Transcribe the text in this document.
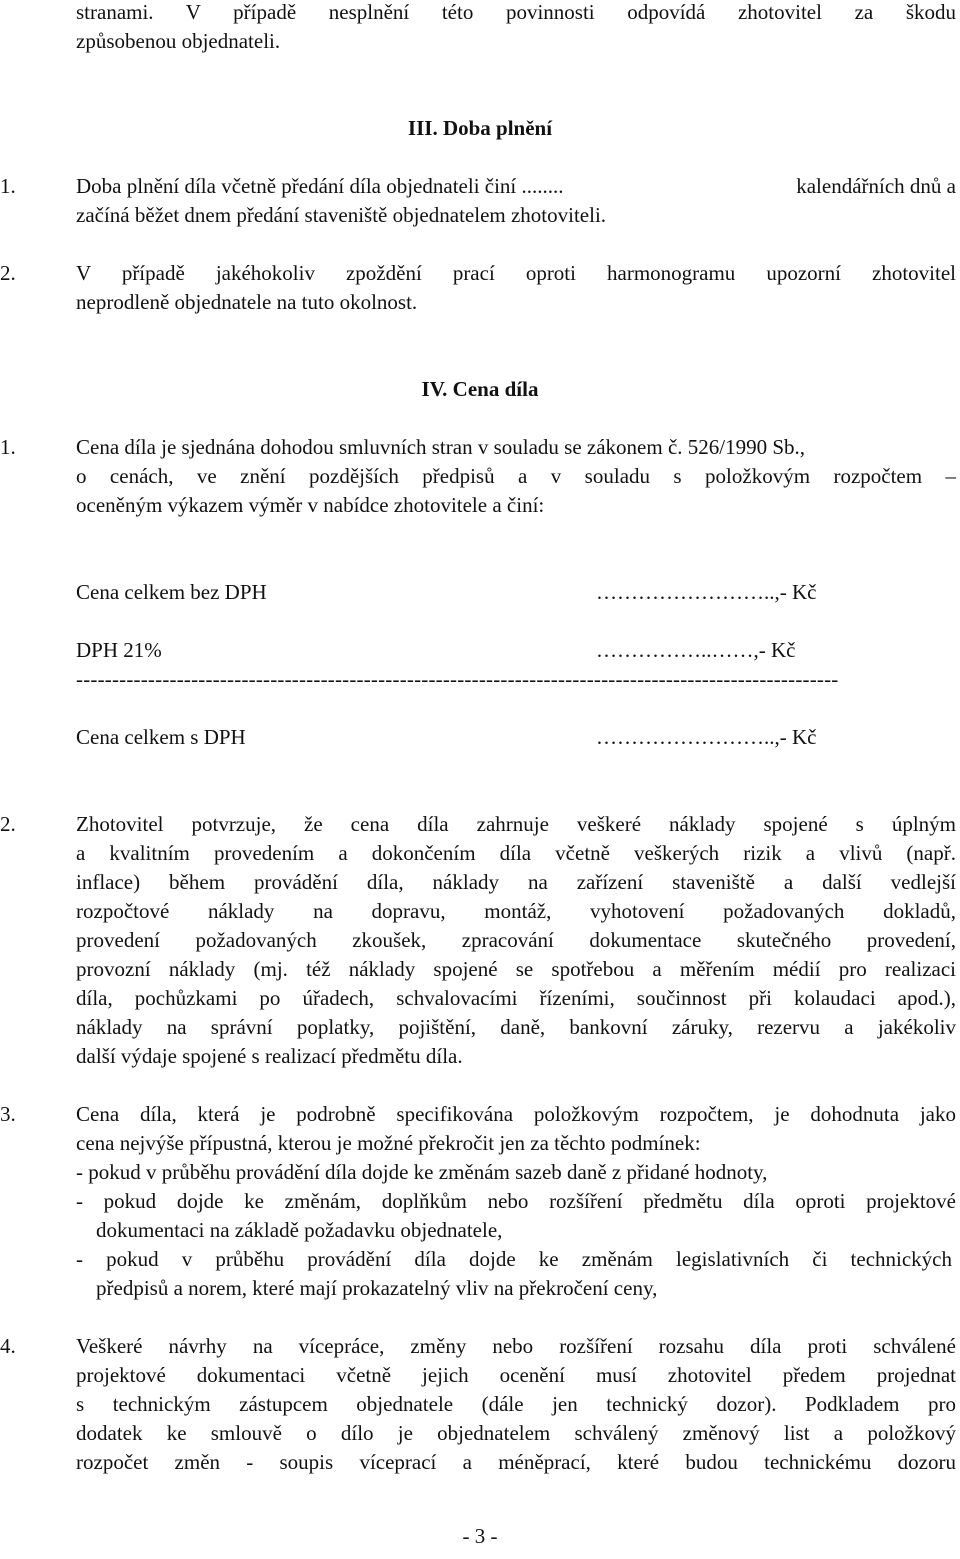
stranami. V případě nesplnění této povinnosti odpovídá zhotovitel za škodu
způsobenou objednateli.
III. Doba plnění
1.	Doba plnění díla včetně předání díla objednateli činí ........	kalendářních dnů a
začíná běžet dnem předání staveniště objednatelem zhotoviteli.
2.	V případě jakéhokoliv zpoždění prací oproti harmonogramu upozorní zhotovitel
neprodleně objednatele na tuto okolnost.
IV. Cena díla
1.	Cena díla je sjednána dohodou smluvních stran v souladu se zákonem č. 526/1990 Sb.,
o cenách, ve znění pozdějších předpisů a v souladu s položkovým rozpočtem –
oceněným výkazem výměr v nabídce zhotovitele a činí:
Cena celkem bez DPH	……………………..,- Kč
DPH 21%	……………..……,- Kč
----------------------------------------------------------------------------------------------------------
Cena celkem s DPH	……………………..,- Kč
2.	Zhotovitel potvrzuje, že cena díla zahrnuje veškeré náklady spojené s úplným
a kvalitním provedením a dokončením díla včetně veškerých rizik a vlivů (např.
inflace) během provádění díla, náklady na zařízení staveniště a další vedlejší
rozpočtové náklady na dopravu, montáž, vyhotovení požadovaných dokladů,
provedení požadovaných zkoušek, zpracování dokumentace skutečného provedení,
provozní náklady (mj. též náklady spojené se spotřebou a měřením médií pro realizaci
díla, pochůzkami po úřadech, schvalovacími řízeními, součinnost při kolaudaci apod.),
náklady na správní poplatky, pojištění, daně, bankovní záruky, rezervu a jakékoliv
další výdaje spojené s realizací předmětu díla.
3.	Cena díla, která je podrobně specifikována položkovým rozpočtem, je dohodnuta jako
cena nejvýše přípustná, kterou je možné překročit jen za těchto podmínek:
- pokud v průběhu provádění díla dojde ke změnám sazeb daně z přidané hodnoty,
- pokud dojde ke změnám, doplňkům nebo rozšíření předmětu díla oproti projektové
dokumentaci na základě požadavku objednatele,
- pokud v průběhu provádění díla dojde ke změnám legislativních či technických
předpisů a norem, které mají prokazatelný vliv na překročení ceny,
4.	Veškeré návrhy na vícepráce, změny nebo rozšíření rozsahu díla proti schválené
projektové dokumentaci včetně jejich ocenění musí zhotovitel předem projednat
s technickým zástupcem objednatele (dále jen technický dozor). Podkladem pro
dodatek ke smlouvě o dílo je objednatelem schválený změnový list a položkový
rozpočet změn - soupis víceprací a méněprací, které budou technickému dozoru
- 3 -
